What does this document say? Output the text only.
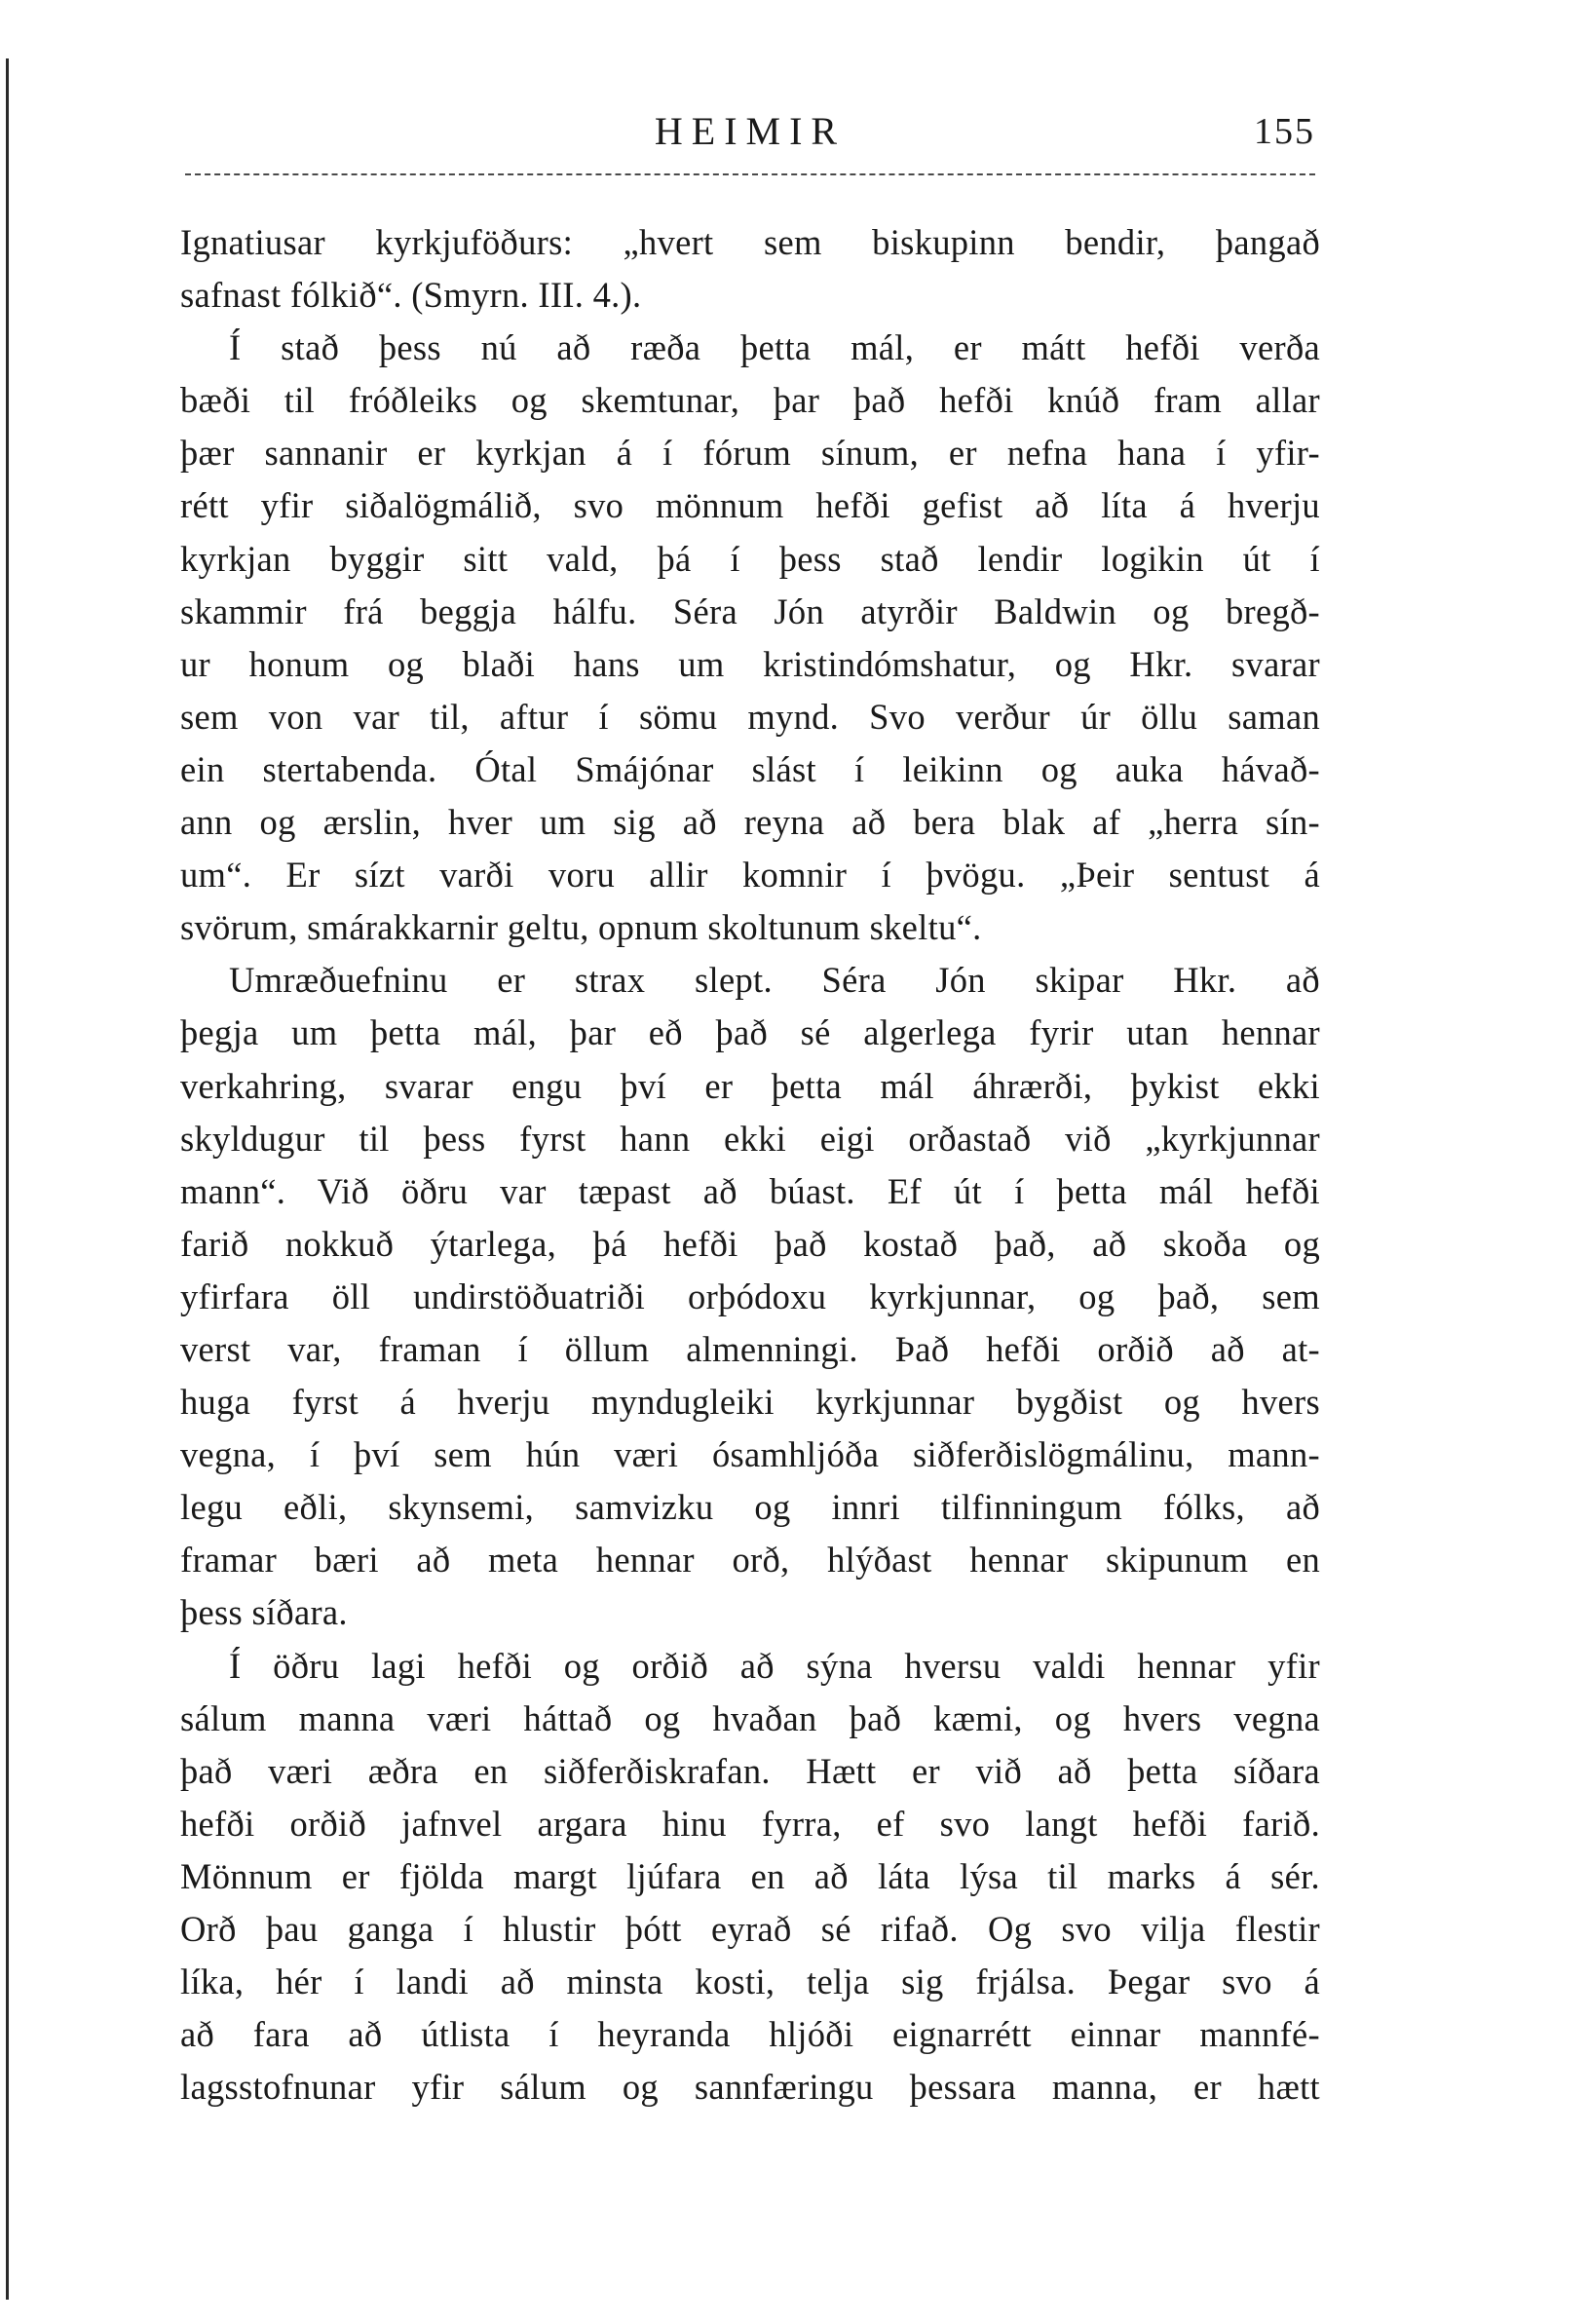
HEIMIR	155
Ignatiusar kyrkjuföðurs: „hvert sem biskupinn bendir, þangað
safnast fólkið“. (Smyrn. III. 4.).
Í stað þess nú að ræða þetta mál, er mátt hefði verða
bæði til fróðleiks og skemtunar, þar það hefði knúð fram allar
þær sannanir er kyrkjan á í fórum sínum, er nefna hana í yfir-
rétt yfir siðalögmálið, svo mönnum hefði gefist að líta á hverju
kyrkjan byggir sitt vald, þá í þess stað lendir logikin út í
skammir frá beggja hálfu. Séra Jón atyrðir Baldwin og bregð-
ur honum og blaði hans um kristindómshatur, og Hkr. svarar
sem von var til, aftur í sömu mynd. Svo verður úr öllu saman
ein stertabenda. Ótal Smájónar slást í leikinn og auka hávað-
ann og ærslin, hver um sig að reyna að bera blak af „herra sín-
um“. Er sízt varði voru allir komnir í þvögu. „Þeir sentust á
svörum, smárakkarnir geltu, opnum skoltunum skeltu“.
Umræðuefninu er strax slept. Séra Jón skipar Hkr. að
þegja um þetta mál, þar eð það sé algerlega fyrir utan hennar
verkahring, svarar engu því er þetta mál áhrærði, þykist ekki
skyldugur til þess fyrst hann ekki eigi orðastað við „kyrkjunnar
mann“. Við öðru var tæpast að búast. Ef út í þetta mál hefði
farið nokkuð ýtarlega, þá hefði það kostað það, að skoða og
yfirfara öll undirstöðuatriði orþódoxu kyrkjunnar, og það, sem
verst var, framan í öllum almenningi. Það hefði orðið að at-
huga fyrst á hverju myndugleiki kyrkjunnar bygðist og hvers
vegna, í því sem hún væri ósamhljóða siðferðislögmálinu, mann-
legu eðli, skynsemi, samvizku og innri tilfinningum fólks, að
framar bæri að meta hennar orð, hlýðast hennar skipunum en
þess síðara.
Í öðru lagi hefði og orðið að sýna hversu valdi hennar yfir
sálum manna væri háttað og hvaðan það kæmi, og hvers vegna
það væri æðra en siðferðiskrafan. Hætt er við að þetta síðara
hefði orðið jafnvel argara hinu fyrra, ef svo langt hefði farið.
Mönnum er fjölda margt ljúfara en að láta lýsa til marks á sér.
Orð þau ganga í hlustir þótt eyrað sé rifað. Og svo vilja flestir
líka, hér í landi að minsta kosti, telja sig frjálsa. Þegar svo á
að fara að útlista í heyranda hljóði eignarrétt einnar mannfé-
lagsstofnunar yfir sálum og sannfæringu þessara manna, er hætt
